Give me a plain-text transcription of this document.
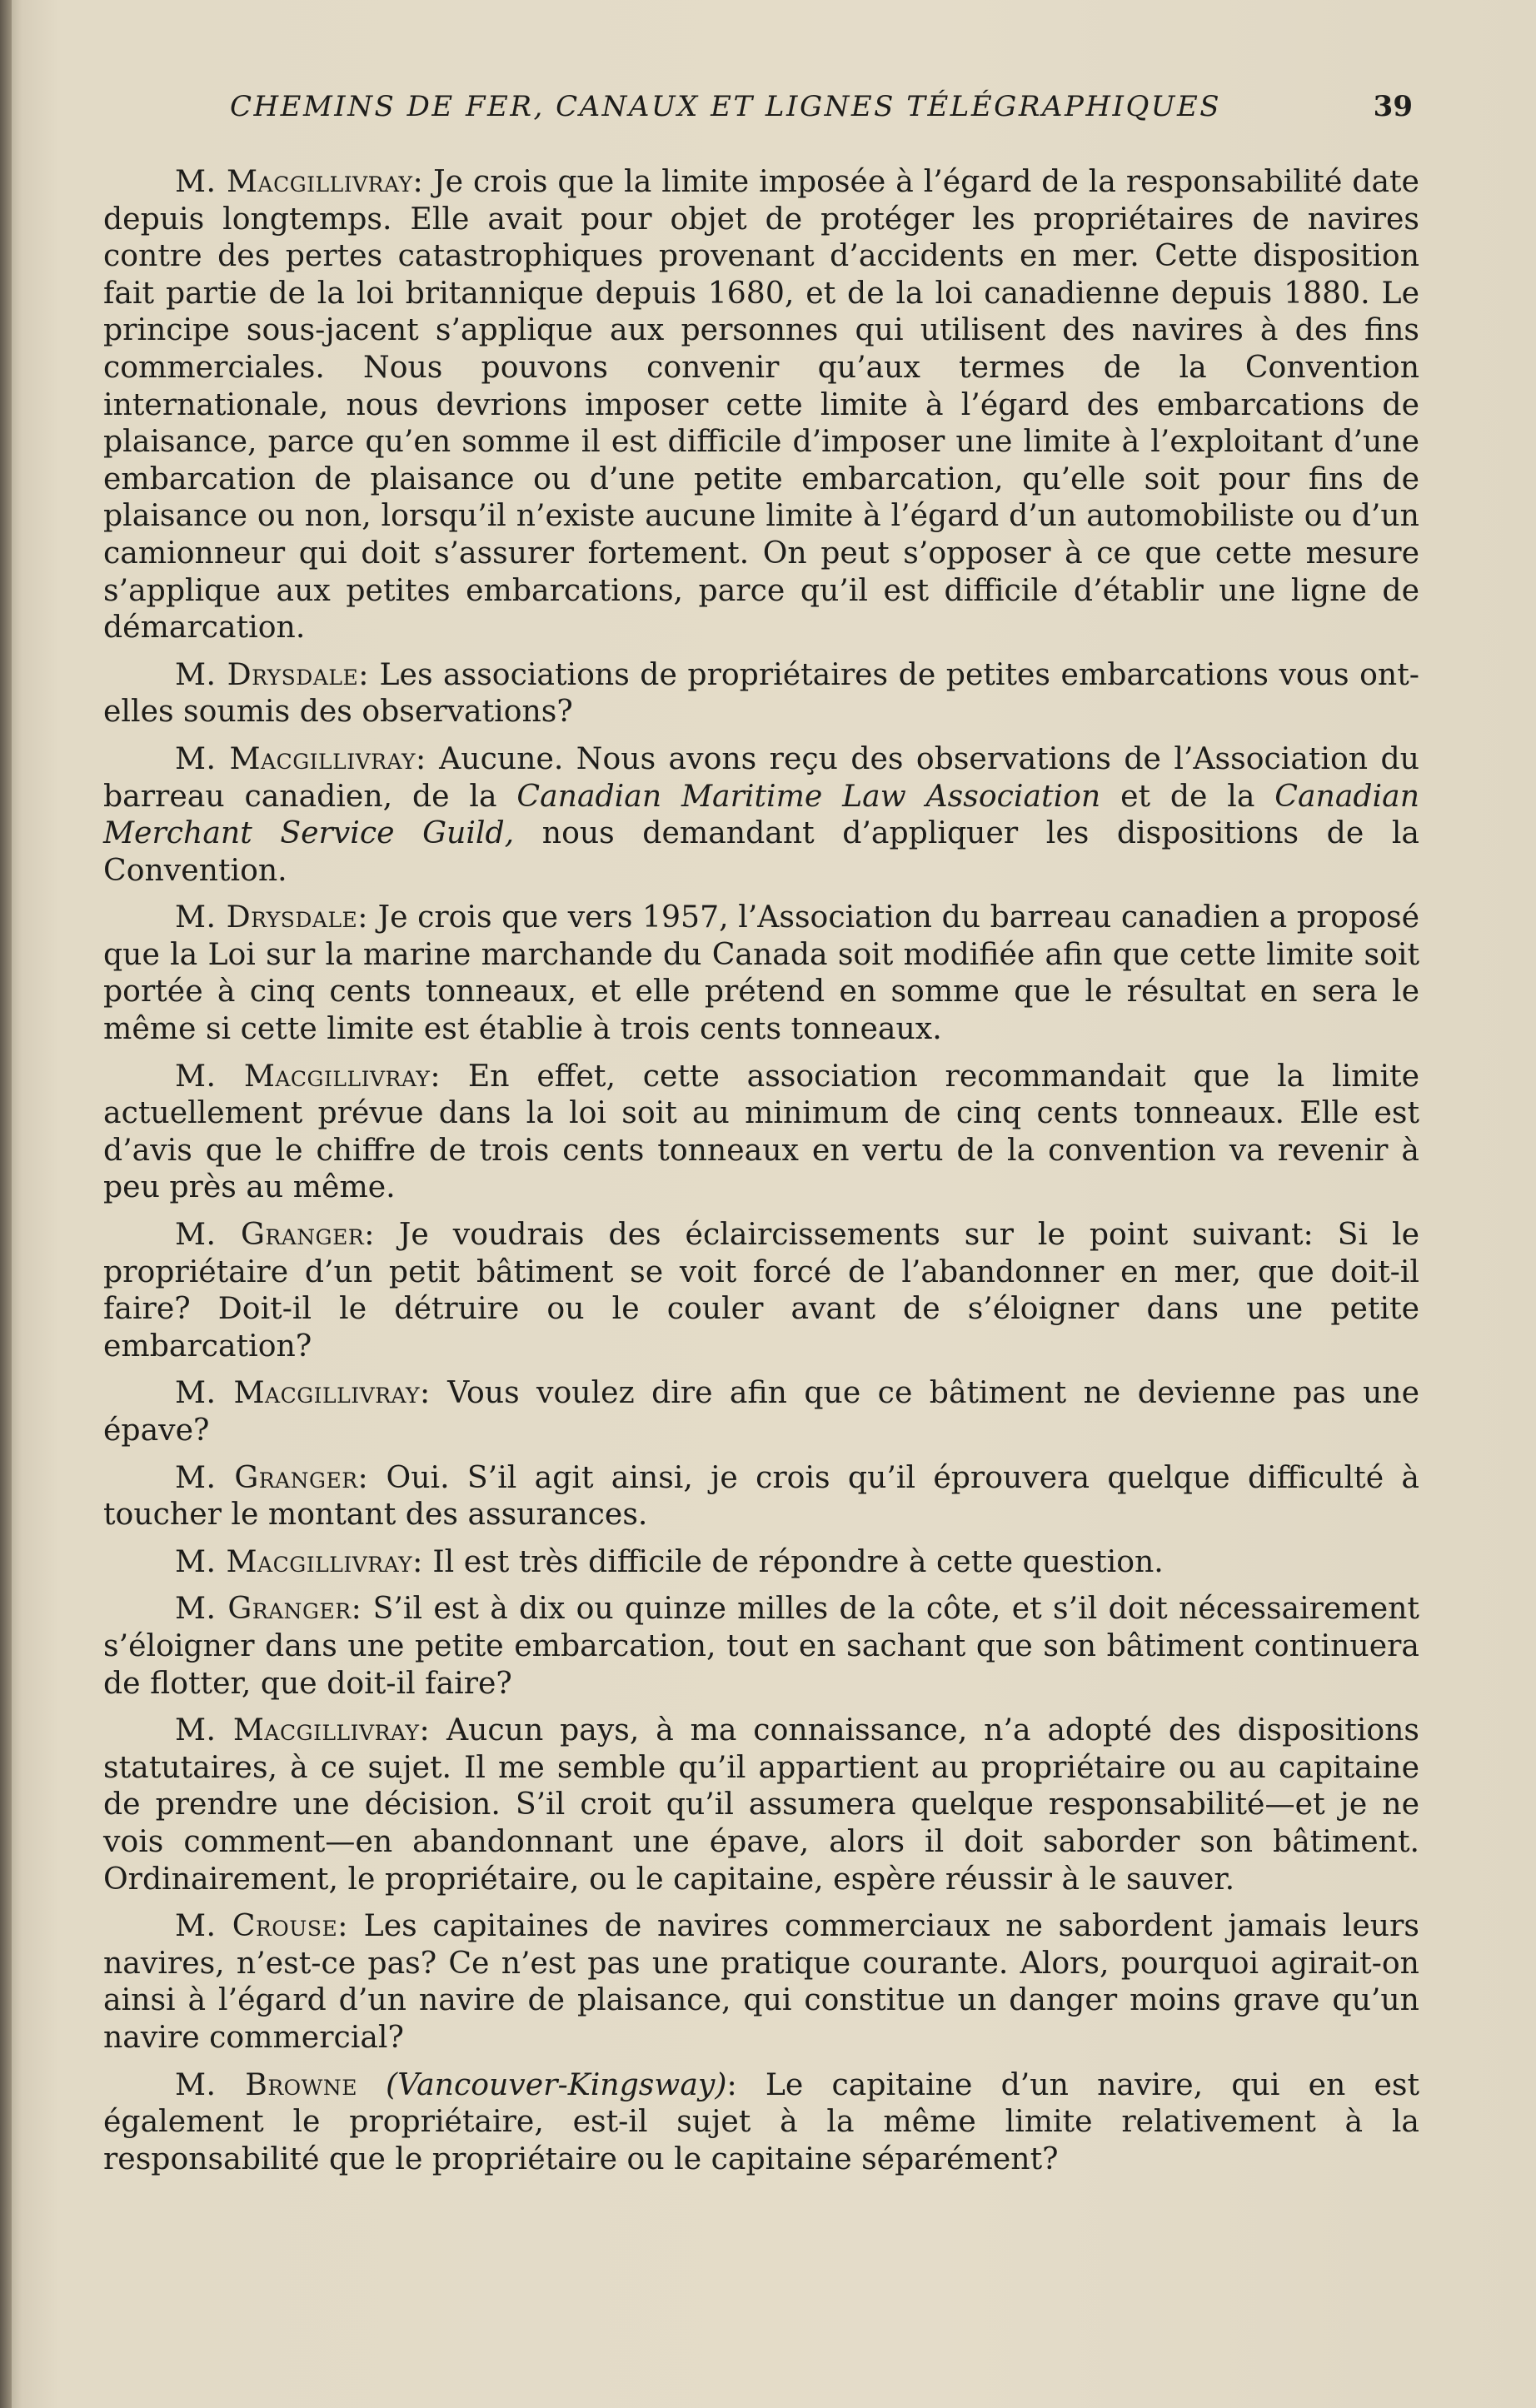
CHEMINS DE FER, CANAUX ET LIGNES TÉLÉGRAPHIQUES	39

M. Macgillivray: Je crois que la limite imposée à l’égard de la responsabilité date depuis longtemps. Elle avait pour objet de protéger les propriétaires de navires contre des pertes catastrophiques provenant d’accidents en mer. Cette disposition fait partie de la loi britannique depuis 1680, et de la loi canadienne depuis 1880. Le principe sous-jacent s’applique aux personnes qui utilisent des navires à des fins commerciales. Nous pouvons convenir qu’aux termes de la Convention internationale, nous devrions imposer cette limite à l’égard des embarcations de plaisance, parce qu’en somme il est difficile d’imposer une limite à l’exploitant d’une embarcation de plaisance ou d’une petite embarcation, qu’elle soit pour fins de plaisance ou non, lorsqu’il n’existe aucune limite à l’égard d’un automobiliste ou d’un camionneur qui doit s’assurer fortement. On peut s’opposer à ce que cette mesure s’applique aux petites embarcations, parce qu’il est difficile d’établir une ligne de démarcation.

M. Drysdale: Les associations de propriétaires de petites embarcations vous ont-elles soumis des observations?

M. Macgillivray: Aucune. Nous avons reçu des observations de l’Association du barreau canadien, de la Canadian Maritime Law Association et de la Canadian Merchant Service Guild, nous demandant d’appliquer les dispositions de la Convention.

M. Drysdale: Je crois que vers 1957, l’Association du barreau canadien a proposé que la Loi sur la marine marchande du Canada soit modifiée afin que cette limite soit portée à cinq cents tonneaux, et elle prétend en somme que le résultat en sera le même si cette limite est établie à trois cents tonneaux.

M. Macgillivray: En effet, cette association recommandait que la limite actuellement prévue dans la loi soit au minimum de cinq cents tonneaux. Elle est d’avis que le chiffre de trois cents tonneaux en vertu de la convention va revenir à peu près au même.

M. Granger: Je voudrais des éclaircissements sur le point suivant: Si le propriétaire d’un petit bâtiment se voit forcé de l’abandonner en mer, que doit-il faire? Doit-il le détruire ou le couler avant de s’éloigner dans une petite embarcation?

M. Macgillivray: Vous voulez dire afin que ce bâtiment ne devienne pas une épave?

M. Granger: Oui. S’il agit ainsi, je crois qu’il éprouvera quelque difficulté à toucher le montant des assurances.

M. Macgillivray: Il est très difficile de répondre à cette question.

M. Granger: S’il est à dix ou quinze milles de la côte, et s’il doit nécessairement s’éloigner dans une petite embarcation, tout en sachant que son bâtiment continuera de flotter, que doit-il faire?

M. Macgillivray: Aucun pays, à ma connaissance, n’a adopté des dispositions statutaires, à ce sujet. Il me semble qu’il appartient au propriétaire ou au capitaine de prendre une décision. S’il croit qu’il assumera quelque responsabilité—et je ne vois comment—en abandonnant une épave, alors il doit saborder son bâtiment. Ordinairement, le propriétaire, ou le capitaine, espère réussir à le sauver.

M. Crouse: Les capitaines de navires commerciaux ne sabordent jamais leurs navires, n’est-ce pas? Ce n’est pas une pratique courante. Alors, pourquoi agirait-on ainsi à l’égard d’un navire de plaisance, qui constitue un danger moins grave qu’un navire commercial?

M. Browne (Vancouver-Kingsway): Le capitaine d’un navire, qui en est également le propriétaire, est-il sujet à la même limite relativement à la responsabilité que le propriétaire ou le capitaine séparément?
